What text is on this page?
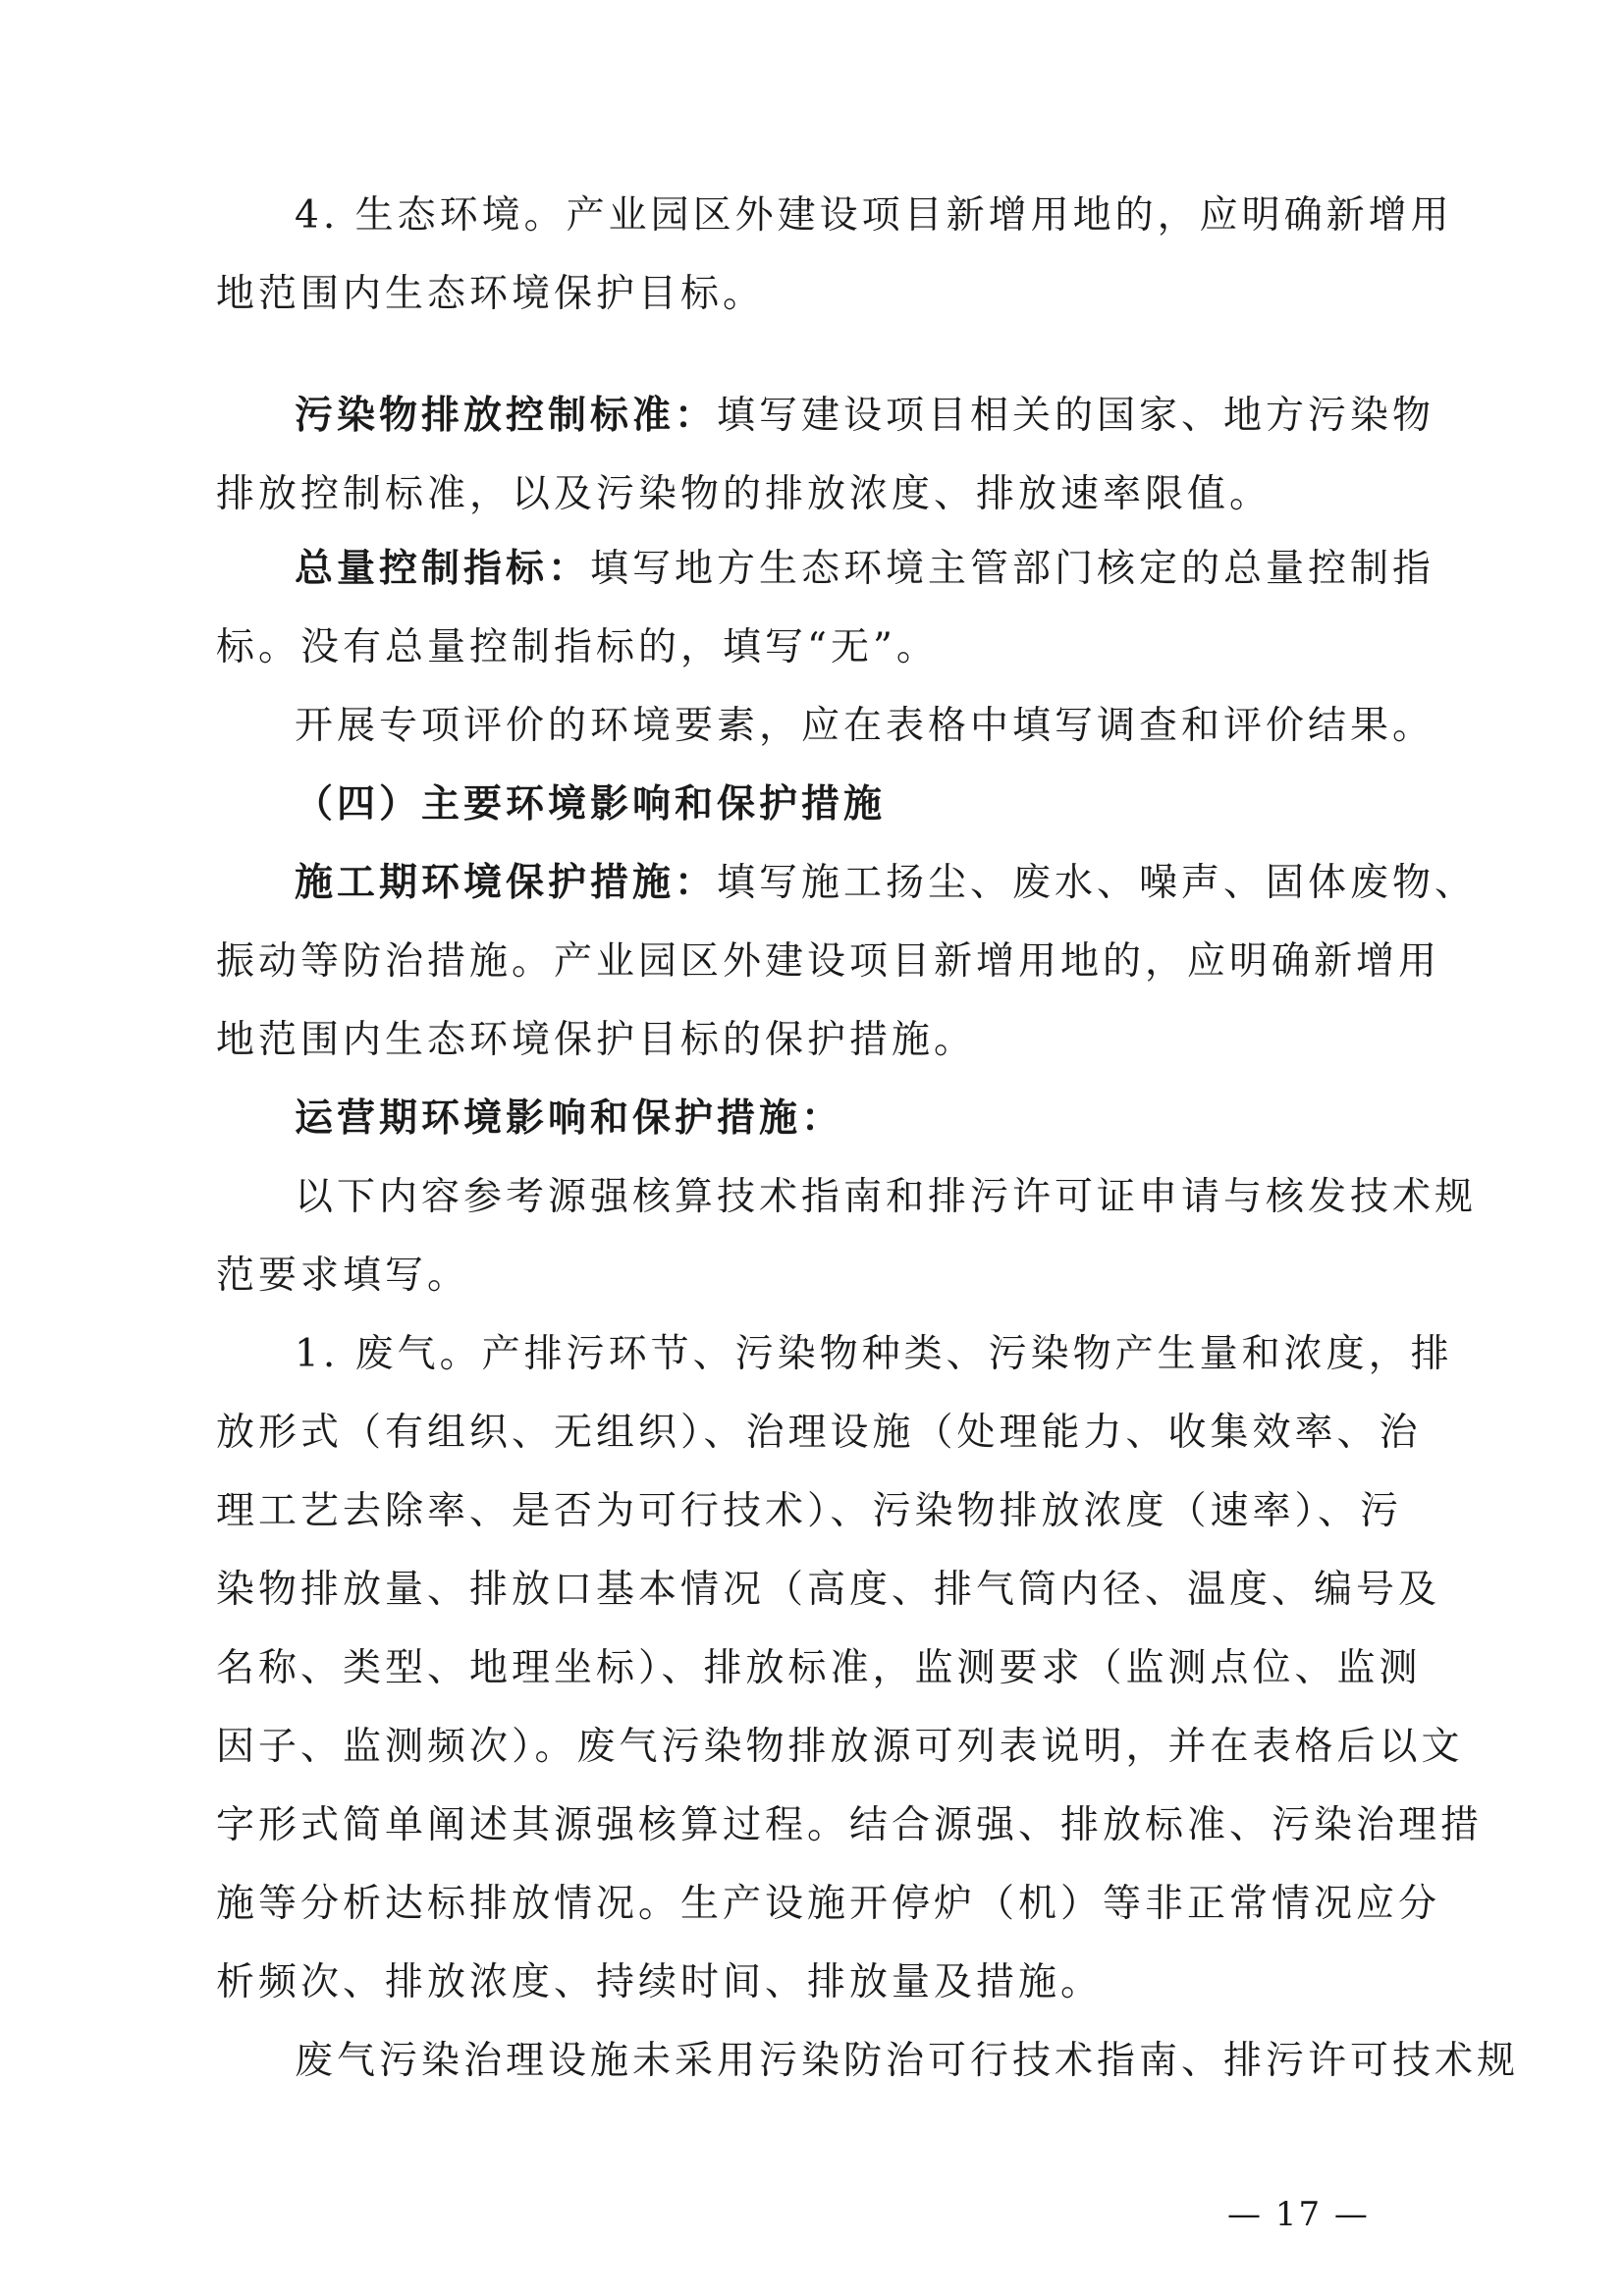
4. 生态环境。产业园区外建设项目新增用地的，应明确新增用
地范围内生态环境保护目标。
污染物排放控制标准：填写建设项目相关的国家、地方污染物
排放控制标准，以及污染物的排放浓度、排放速率限值。
总量控制指标：填写地方生态环境主管部门核定的总量控制指
标。没有总量控制指标的，填写“无”。
开展专项评价的环境要素，应在表格中填写调查和评价结果。
（四）主要环境影响和保护措施
施工期环境保护措施：填写施工扬尘、废水、噪声、固体废物、
振动等防治措施。产业园区外建设项目新增用地的，应明确新增用
地范围内生态环境保护目标的保护措施。
运营期环境影响和保护措施：
以下内容参考源强核算技术指南和排污许可证申请与核发技术规
范要求填写。
1. 废气。产排污环节、污染物种类、污染物产生量和浓度，排
放形式（有组织、无组织）、治理设施（处理能力、收集效率、治
理工艺去除率、是否为可行技术）、污染物排放浓度（速率）、污
染物排放量、排放口基本情况（高度、排气筒内径、温度、编号及
名称、类型、地理坐标）、排放标准，监测要求（监测点位、监测
因子、监测频次）。废气污染物排放源可列表说明，并在表格后以文
字形式简单阐述其源强核算过程。结合源强、排放标准、污染治理措
施等分析达标排放情况。生产设施开停炉（机）等非正常情况应分
析频次、排放浓度、持续时间、排放量及措施。
废气污染治理设施未采用污染防治可行技术指南、排污许可技术规
— 17 —
